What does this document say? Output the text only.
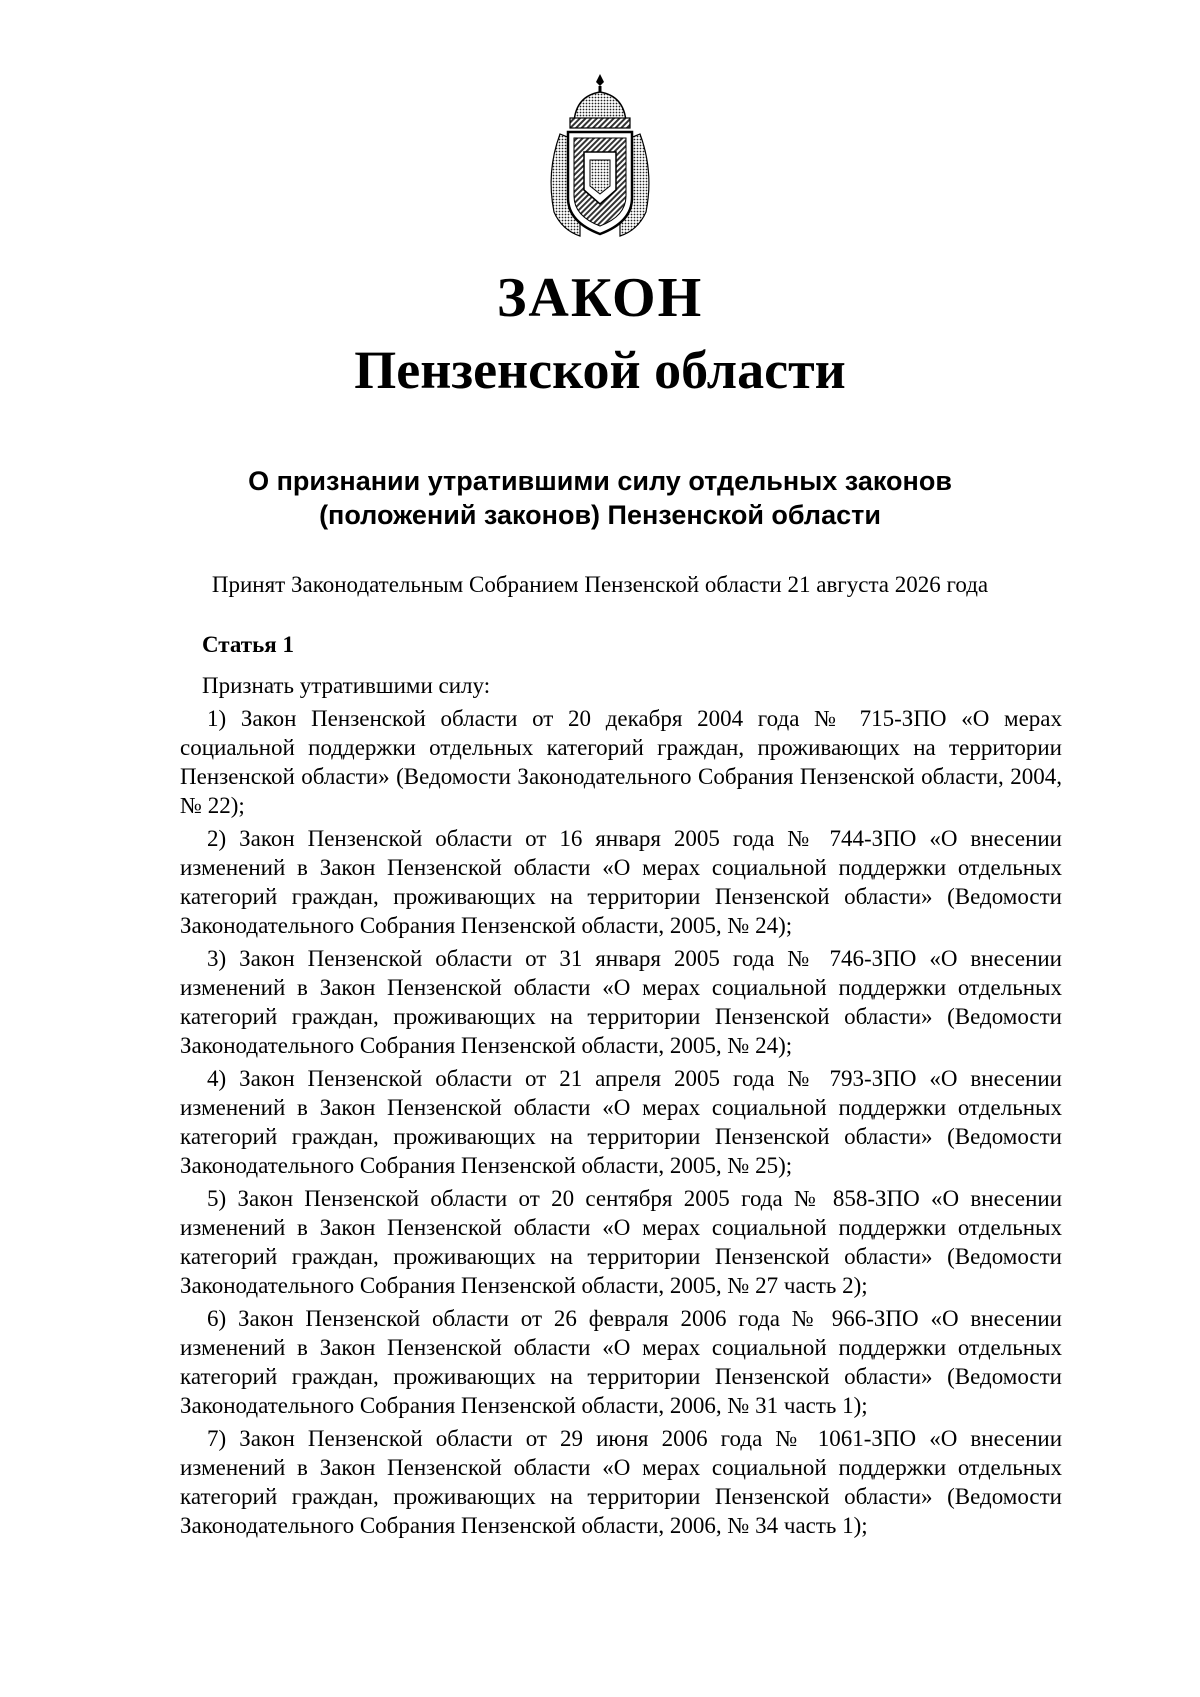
ЗАКОН
Пензенской области
О признании утратившими силу отдельных законов
(положений законов) Пензенской области

Принят Законодательным Собранием Пензенской области 21 августа 2026 года

Статья 1

Признать утратившими силу:

1) Закон Пензенской области от 20 декабря 2004 года № 715-ЗПО «О мерах социальной поддержки отдельных категорий граждан, проживающих на территории Пензенской области» (Ведомости Законодательного Собрания Пензенской области, 2004, № 22);
2) Закон Пензенской области от 16 января 2005 года № 744-ЗПО «О внесении изменений в Закон Пензенской области «О мерах социальной поддержки отдельных категорий граждан, проживающих на территории Пензенской области» (Ведомости Законодательного Собрания Пензенской области, 2005, № 24);
3) Закон Пензенской области от 31 января 2005 года № 746-ЗПО «О внесении изменений в Закон Пензенской области «О мерах социальной поддержки отдельных категорий граждан, проживающих на территории Пензенской области» (Ведомости Законодательного Собрания Пензенской области, 2005, № 24);
4) Закон Пензенской области от 21 апреля 2005 года № 793-ЗПО «О внесении изменений в Закон Пензенской области «О мерах социальной поддержки отдельных категорий граждан, проживающих на территории Пензенской области» (Ведомости Законодательного Собрания Пензенской области, 2005, № 25);
5) Закон Пензенской области от 20 сентября 2005 года № 858-ЗПО «О внесении изменений в Закон Пензенской области «О мерах социальной поддержки отдельных категорий граждан, проживающих на территории Пензенской области» (Ведомости Законодательного Собрания Пензенской области, 2005, № 27 часть 2);
6) Закон Пензенской области от 26 февраля 2006 года № 966-ЗПО «О внесении изменений в Закон Пензенской области «О мерах социальной поддержки отдельных категорий граждан, проживающих на территории Пензенской области» (Ведомости Законодательного Собрания Пензенской области, 2006, № 31 часть 1);
7) Закон Пензенской области от 29 июня 2006 года № 1061-ЗПО «О внесении изменений в Закон Пензенской области «О мерах социальной поддержки отдельных категорий граждан, проживающих на территории Пензенской области» (Ведомости Законодательного Собрания Пензенской области, 2006, № 34 часть 1);
